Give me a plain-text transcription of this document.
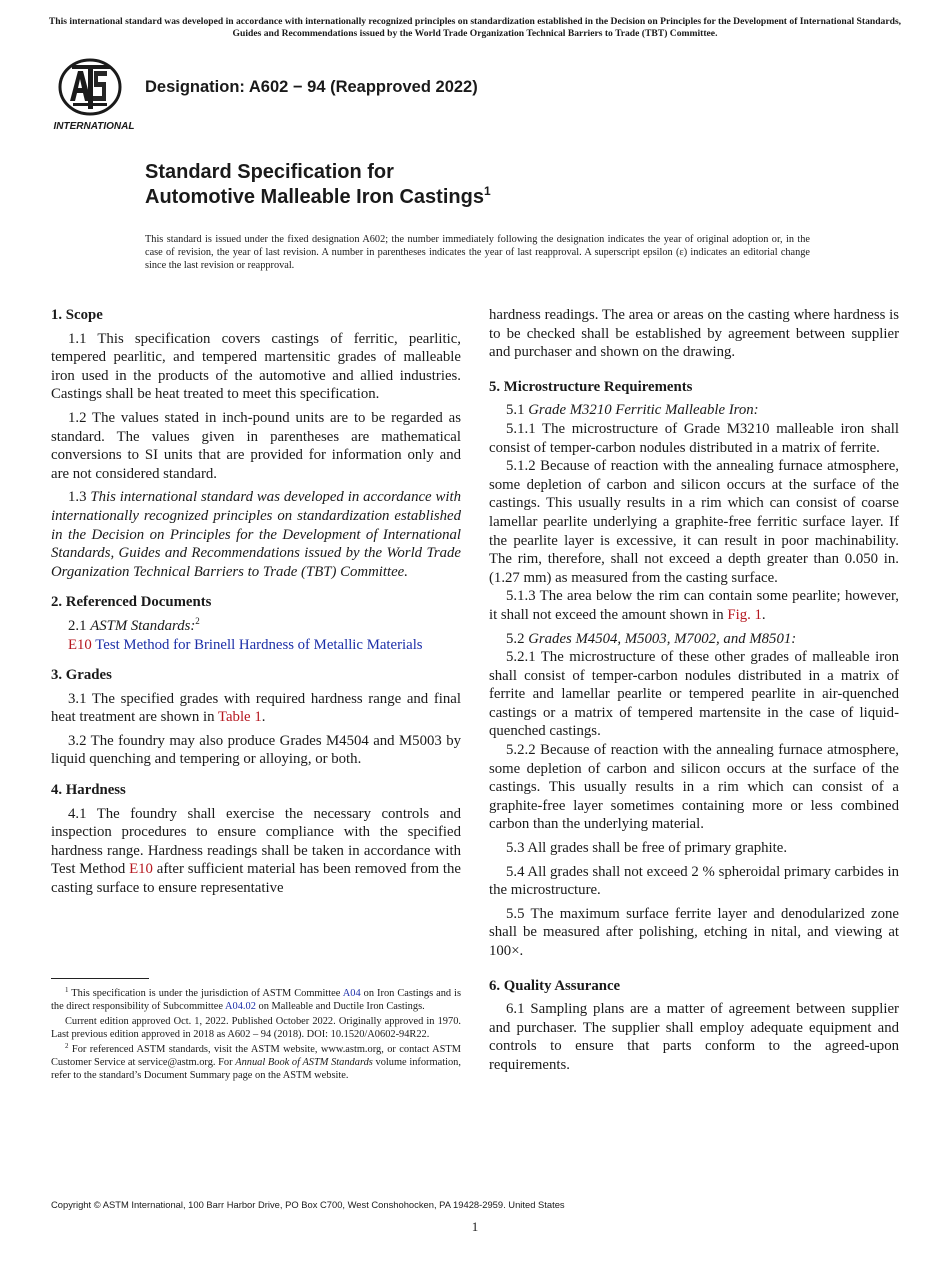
This international standard was developed in accordance with internationally recognized principles on standardization established in the Decision on Principles for the Development of International Standards, Guides and Recommendations issued by the World Trade Organization Technical Barriers to Trade (TBT) Committee.
INTERNATIONAL
Designation: A602 − 94 (Reapproved 2022)
Standard Specification for
Automotive Malleable Iron Castings$^1$
This standard is issued under the fixed designation A602; the number immediately following the designation indicates the year of original adoption or, in the case of revision, the year of last revision. A number in parentheses indicates the year of last reapproval. A superscript epsilon (ε) indicates an editorial change since the last revision or reapproval.
1. Scope

1.1 This specification covers castings of ferritic, pearlitic, tempered pearlitic, and tempered martensitic grades of malleable iron used in the products of the automotive and allied industries. Castings shall be heat treated to meet this specification.

1.2 The values stated in inch-pound units are to be regarded as standard. The values given in parentheses are mathematical conversions to SI units that are provided for information only and are not considered standard.

1.3 This international standard was developed in accordance with internationally recognized principles on standardization established in the Decision on Principles for the Development of International Standards, Guides and Recommendations issued by the World Trade Organization Technical Barriers to Trade (TBT) Committee.

2. Referenced Documents

2.1 ASTM Standards:$^2$

E10 Test Method for Brinell Hardness of Metallic Materials
3. Grades

3.1 The specified grades with required hardness range and final heat treatment are shown in Table 1.

3.2 The foundry may also produce Grades M4504 and M5003 by liquid quenching and tempering or alloying, or both.

4. Hardness

4.1 The foundry shall exercise the necessary controls and inspection procedures to ensure compliance with the specified hardness range. Hardness readings shall be taken in accordance with Test Method E10 after sufficient material has been removed from the casting surface to ensure representative

hardness readings. The area or areas on the casting where hardness is to be checked shall be established by agreement between supplier and purchaser and shown on the drawing.

5. Microstructure Requirements

5.1 Grade M3210 Ferritic Malleable Iron:

5.1.1 The microstructure of Grade M3210 malleable iron shall consist of temper-carbon nodules distributed in a matrix of ferrite.

5.1.2 Because of reaction with the annealing furnace atmosphere, some depletion of carbon and silicon occurs at the surface of the castings. This usually results in a rim which can consist of coarse lamellar pearlite underlying a graphite-free ferritic surface layer. If the pearlite layer is excessive, it can result in poor machinability. The rim, therefore, shall not exceed a depth greater than 0.050 in. (1.27 mm) as measured from the casting surface.

5.1.3 The area below the rim can contain some pearlite; however, it shall not exceed the amount shown in Fig. 1.

5.2 Grades M4504, M5003, M7002, and M8501:

5.2.1 The microstructure of these other grades of malleable iron shall consist of temper-carbon nodules distributed in a matrix of ferrite and lamellar pearlite or tempered pearlite in air-quenched castings or a matrix of tempered martensite in the case of liquid-quenched castings.

5.2.2 Because of reaction with the annealing furnace atmosphere, some depletion of carbon and silicon occurs at the surface of the castings. This usually results in a rim which can consist of a graphite-free layer sometimes containing more or less combined carbon than the underlying material.

5.3 All grades shall be free of primary graphite.

5.4 All grades shall not exceed 2 % spheroidal primary carbides in the microstructure.

5.5 The maximum surface ferrite layer and denodularized zone shall be measured after polishing, etching in nital, and viewing at 100×.

6. Quality Assurance

6.1 Sampling plans are a matter of agreement between supplier and purchaser. The supplier shall employ adequate equipment and controls to ensure that parts conform to the agreed-upon requirements.

$^1$ This specification is under the jurisdiction of ASTM Committee A04 on Iron Castings and is the direct responsibility of Subcommittee A04.02 on Malleable and Ductile Iron Castings.

Current edition approved Oct. 1, 2022. Published October 2022. Originally approved in 1970. Last previous edition approved in 2018 as A602 – 94 (2018). DOI: 10.1520/A0602-94R22.

$^2$ For referenced ASTM standards, visit the ASTM website, www.astm.org, or contact ASTM Customer Service at service@astm.org. For Annual Book of ASTM Standards volume information, refer to the standard’s Document Summary page on the ASTM website.

Copyright © ASTM International, 100 Barr Harbor Drive, PO Box C700, West Conshohocken, PA 19428-2959. United States
1
